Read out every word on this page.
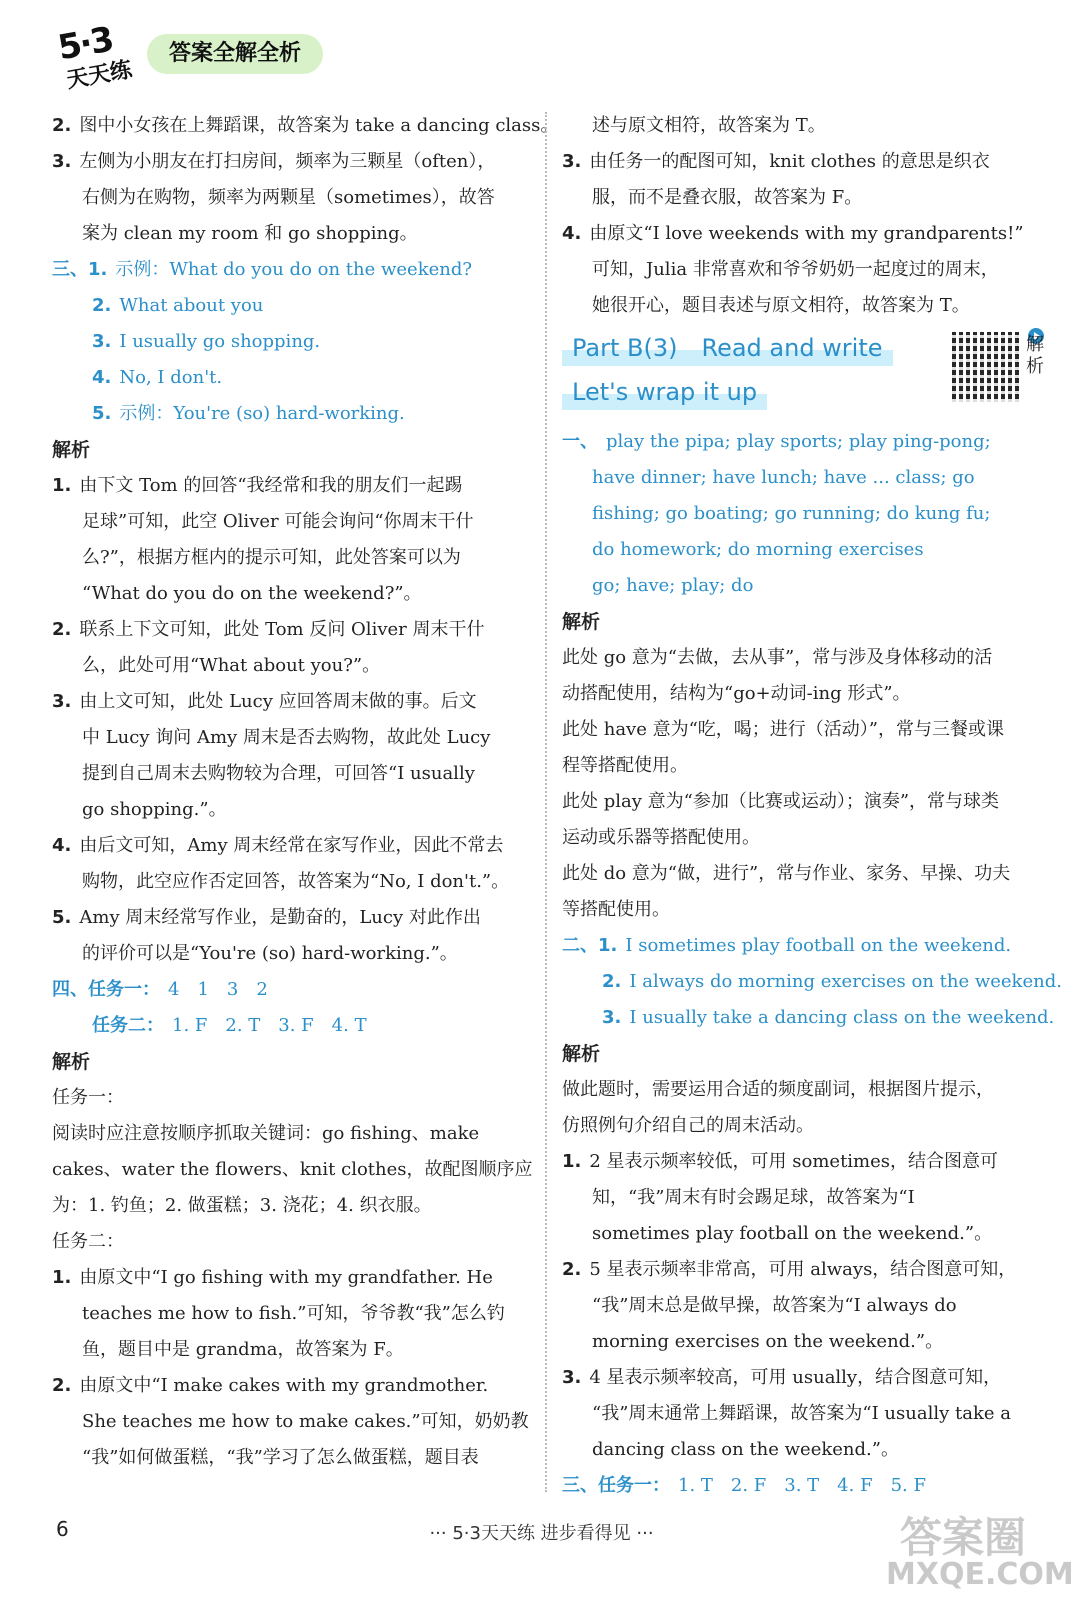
5·3
天天练
答案全解全析
2. 图中小女孩在上舞蹈课，故答案为 take a dancing class。
3. 左侧为小朋友在打扫房间，频率为三颗星（often），
右侧为在购物，频率为两颗星（sometimes），故答
案为 clean my room 和 go shopping。
三、1. 示例：What do you do on the weekend?
2. What about you
3. I usually go shopping.
4. No, I don't.
5. 示例：You're (so) hard-working.
解析
1. 由下文 Tom 的回答“我经常和我的朋友们一起踢
足球”可知，此空 Oliver 可能会询问“你周末干什
么?”，根据方框内的提示可知，此处答案可以为
“What do you do on the weekend?”。
2. 联系上下文可知，此处 Tom 反问 Oliver 周末干什
么，此处可用“What about you?”。
3. 由上文可知，此处 Lucy 应回答周末做的事。后文
中 Lucy 询问 Amy 周末是否去购物，故此处 Lucy
提到自己周末去购物较为合理，可回答“I usually
go shopping.”。
4. 由后文可知，Amy 周末经常在家写作业，因此不常去
购物，此空应作否定回答，故答案为“No, I don't.”。
5. Amy 周末经常写作业，是勤奋的，Lucy 对此作出
的评价可以是“You're (so) hard-working.”。
四、任务一： 4　1　3　2
任务二： 1. F　2. T　3. F　4. T
解析
任务一：
阅读时应注意按顺序抓取关键词：go fishing、make
cakes、water the flowers、knit clothes，故配图顺序应
为：1. 钓鱼；2. 做蛋糕；3. 浇花；4. 织衣服。
任务二：
1. 由原文中“I go fishing with my grandfather. He
teaches me how to fish.”可知，爷爷教“我”怎么钓
鱼，题目中是 grandma，故答案为 F。
2. 由原文中“I make cakes with my grandmother.
She teaches me how to make cakes.”可知，奶奶教
“我”如何做蛋糕，“我”学习了怎么做蛋糕，题目表
述与原文相符，故答案为 T。
3. 由任务一的配图可知，knit clothes 的意思是织衣
服，而不是叠衣服，故答案为 F。
4. 由原文“I love weekends with my grandparents!”
可知，Julia 非常喜欢和爷爷奶奶一起度过的周末，
她很开心，题目表述与原文相符，故答案为 T。
Part B(3)　Read and write
Let's wrap it up
解析
一、 play the pipa; play sports; play ping-pong;
have dinner; have lunch; have ... class; go
fishing; go boating; go running; do kung fu;
do homework; do morning exercises
go; have; play; do
解析
此处 go 意为“去做，去从事”，常与涉及身体移动的活
动搭配使用，结构为“go+动词-ing 形式”。
此处 have 意为“吃，喝；进行（活动）”，常与三餐或课
程等搭配使用。
此处 play 意为“参加（比赛或运动）；演奏”，常与球类
运动或乐器等搭配使用。
此处 do 意为“做，进行”，常与作业、家务、早操、功夫
等搭配使用。
二、1. I sometimes play football on the weekend.
2. I always do morning exercises on the weekend.
3. I usually take a dancing class on the weekend.
解析
做此题时，需要运用合适的频度副词，根据图片提示，
仿照例句介绍自己的周末活动。
1. 2 星表示频率较低，可用 sometimes，结合图意可
知，“我”周末有时会踢足球，故答案为“I
sometimes play football on the weekend.”。
2. 5 星表示频率非常高，可用 always，结合图意可知，
“我”周末总是做早操，故答案为“I always do
morning exercises on the weekend.”。
3. 4 星表示频率较高，可用 usually，结合图意可知，
“我”周末通常上舞蹈课，故答案为“I usually take a
dancing class on the weekend.”。
三、任务一： 1. T　2. F　3. T　4. F　5. F
6	··· 5·3天天练 进步看得见 ···	答案圈
MXQE.COM
